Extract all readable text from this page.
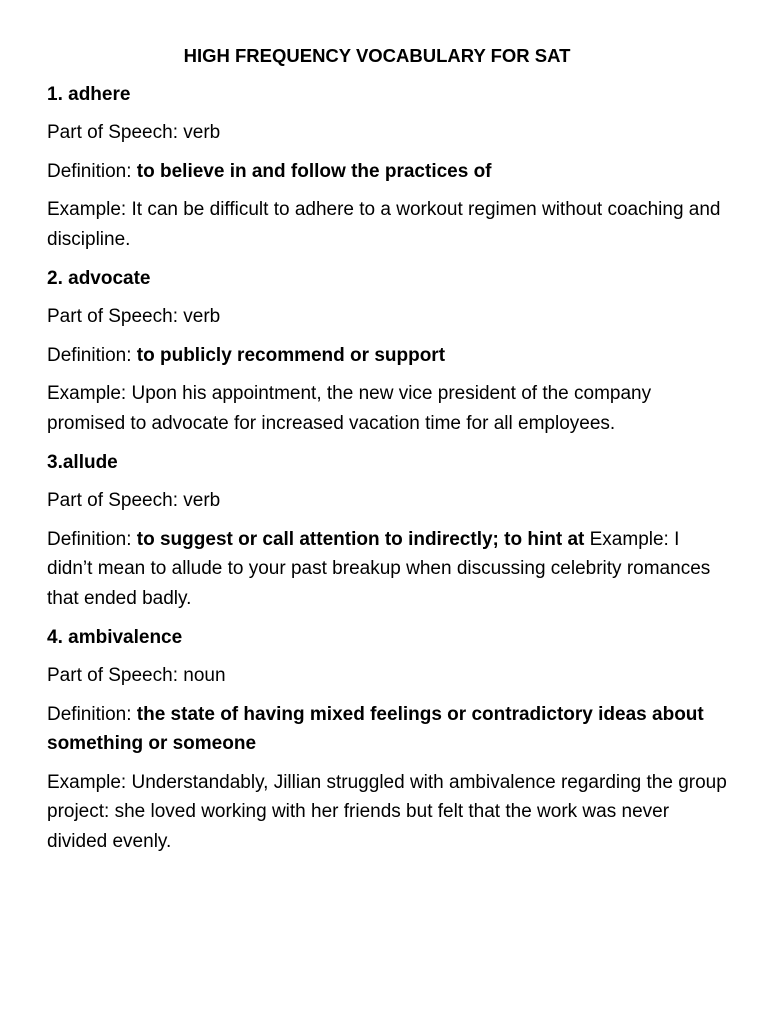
HIGH FREQUENCY VOCABULARY FOR SAT
1. adhere
Part of Speech: verb
Definition: to believe in and follow the practices of
Example: It can be difficult to adhere to a workout regimen without coaching and discipline.
2. advocate
Part of Speech: verb
Definition: to publicly recommend or support
Example: Upon his appointment, the new vice president of the company promised to advocate for increased vacation time for all employees.
3.allude
Part of Speech: verb
Definition: to suggest or call attention to indirectly; to hint at Example: I didn’t mean to allude to your past breakup when discussing celebrity romances that ended badly.
4. ambivalence
Part of Speech: noun
Definition: the state of having mixed feelings or contradictory ideas about something or someone
Example: Understandably, Jillian struggled with ambivalence regarding the group project: she loved working with her friends but felt that the work was never divided evenly.
